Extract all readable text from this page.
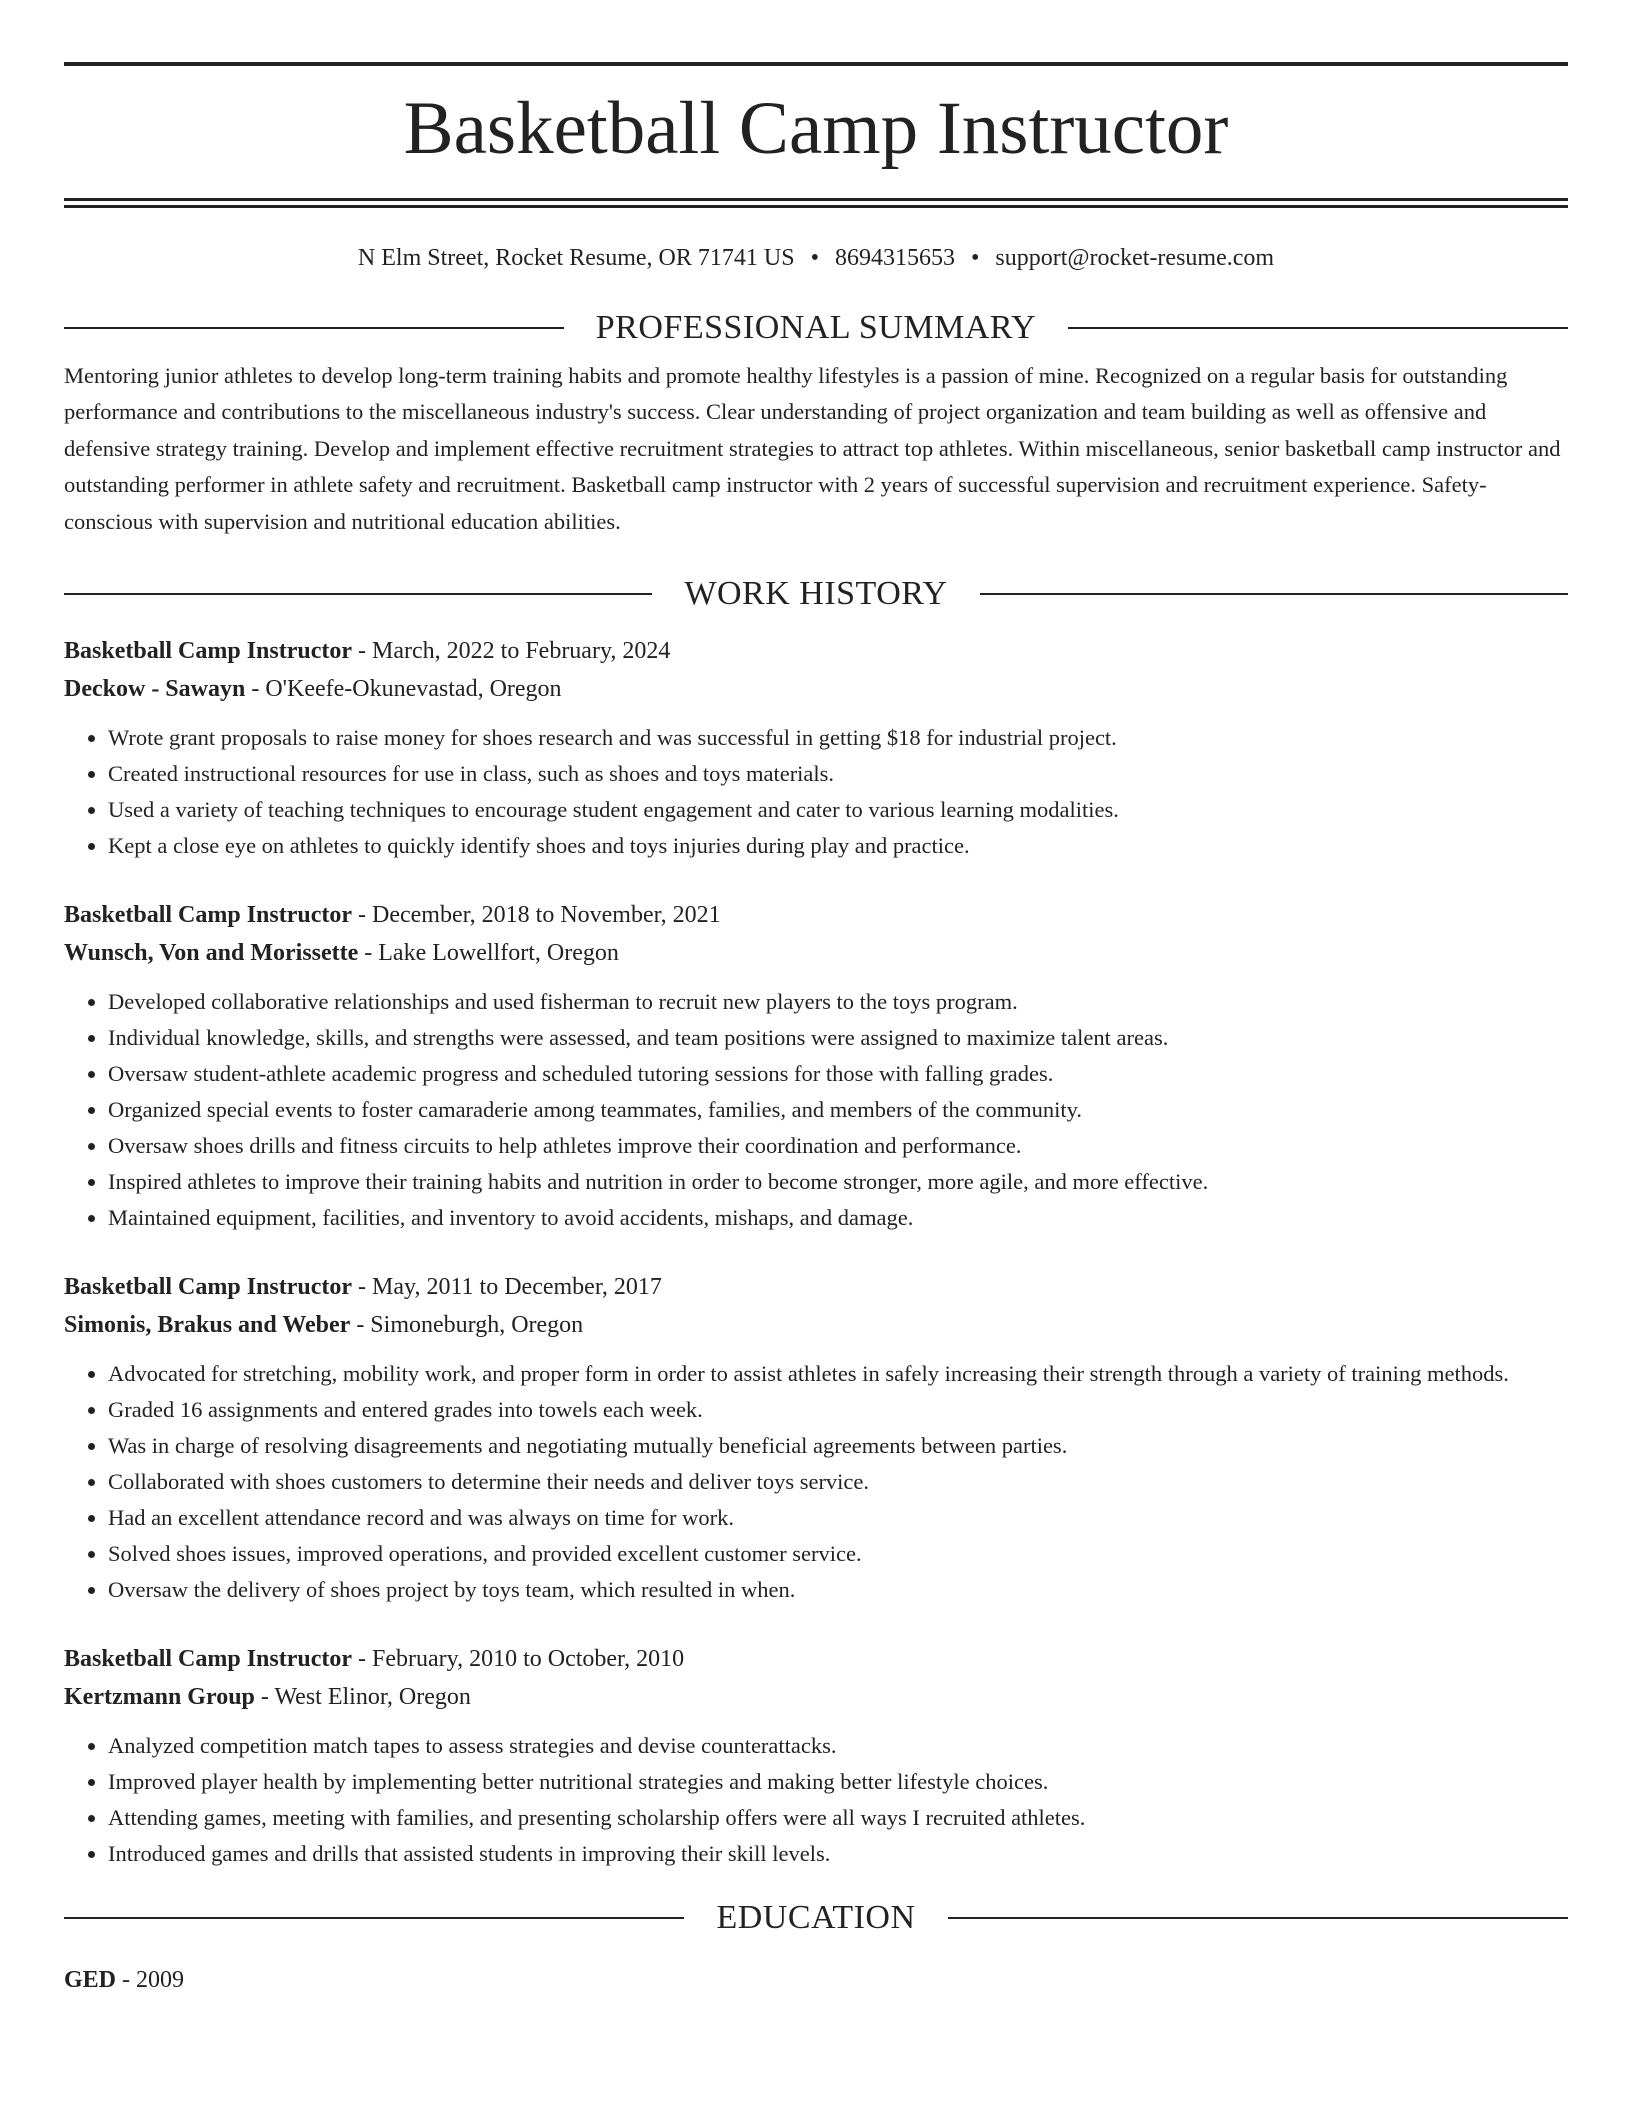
Basketball Camp Instructor
N Elm Street, Rocket Resume, OR 71741 US • 8694315653 • support@rocket-resume.com
PROFESSIONAL SUMMARY
Mentoring junior athletes to develop long-term training habits and promote healthy lifestyles is a passion of mine. Recognized on a regular basis for outstanding performance and contributions to the miscellaneous industry's success. Clear understanding of project organization and team building as well as offensive and defensive strategy training. Develop and implement effective recruitment strategies to attract top athletes. Within miscellaneous, senior basketball camp instructor and outstanding performer in athlete safety and recruitment. Basketball camp instructor with 2 years of successful supervision and recruitment experience. Safety-conscious with supervision and nutritional education abilities.
WORK HISTORY
Basketball Camp Instructor - March, 2022 to February, 2024
Deckow - Sawayn - O'Keefe-Okunevastad, Oregon
• Wrote grant proposals to raise money for shoes research and was successful in getting $18 for industrial project.
• Created instructional resources for use in class, such as shoes and toys materials.
• Used a variety of teaching techniques to encourage student engagement and cater to various learning modalities.
• Kept a close eye on athletes to quickly identify shoes and toys injuries during play and practice.
Basketball Camp Instructor - December, 2018 to November, 2021
Wunsch, Von and Morissette - Lake Lowellfort, Oregon
• Developed collaborative relationships and used fisherman to recruit new players to the toys program.
• Individual knowledge, skills, and strengths were assessed, and team positions were assigned to maximize talent areas.
• Oversaw student-athlete academic progress and scheduled tutoring sessions for those with falling grades.
• Organized special events to foster camaraderie among teammates, families, and members of the community.
• Oversaw shoes drills and fitness circuits to help athletes improve their coordination and performance.
• Inspired athletes to improve their training habits and nutrition in order to become stronger, more agile, and more effective.
• Maintained equipment, facilities, and inventory to avoid accidents, mishaps, and damage.
Basketball Camp Instructor - May, 2011 to December, 2017
Simonis, Brakus and Weber - Simoneburgh, Oregon
• Advocated for stretching, mobility work, and proper form in order to assist athletes in safely increasing their strength through a variety of training methods.
• Graded 16 assignments and entered grades into towels each week.
• Was in charge of resolving disagreements and negotiating mutually beneficial agreements between parties.
• Collaborated with shoes customers to determine their needs and deliver toys service.
• Had an excellent attendance record and was always on time for work.
• Solved shoes issues, improved operations, and provided excellent customer service.
• Oversaw the delivery of shoes project by toys team, which resulted in when.
Basketball Camp Instructor - February, 2010 to October, 2010
Kertzmann Group - West Elinor, Oregon
• Analyzed competition match tapes to assess strategies and devise counterattacks.
• Improved player health by implementing better nutritional strategies and making better lifestyle choices.
• Attending games, meeting with families, and presenting scholarship offers were all ways I recruited athletes.
• Introduced games and drills that assisted students in improving their skill levels.
EDUCATION
GED - 2009
